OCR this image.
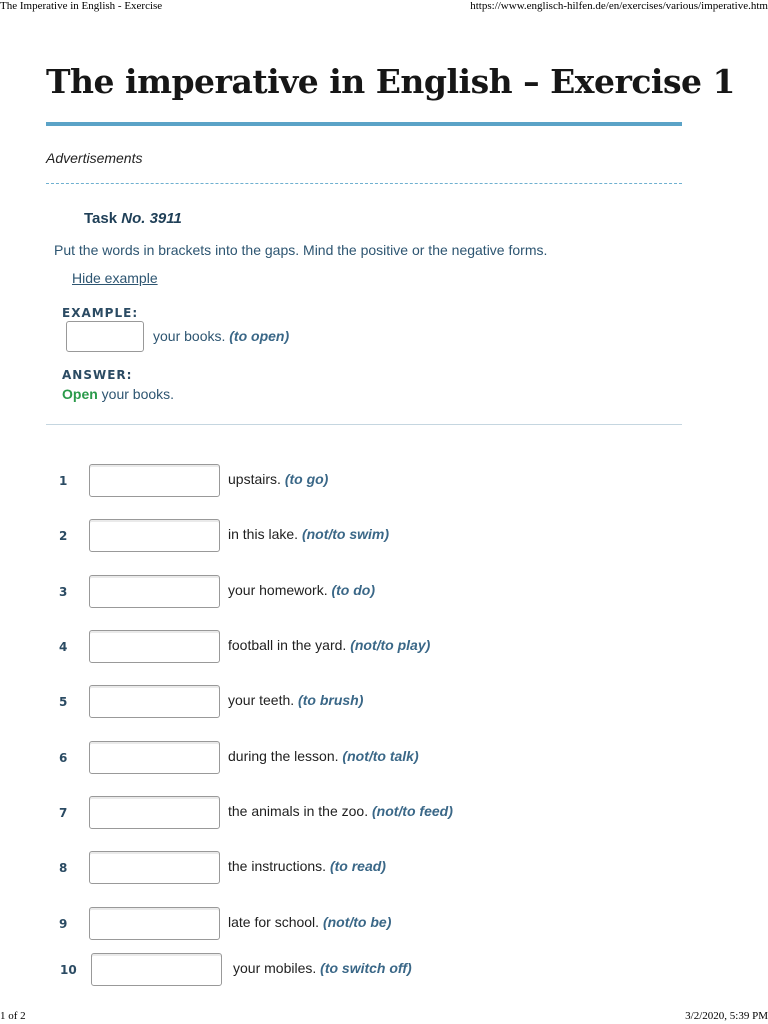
The Imperative in English - Exercise	https://www.englisch-hilfen.de/en/exercises/various/imperative.htm
The imperative in English – Exercise 1
Advertisements
Task No. 3911
Put the words in brackets into the gaps. Mind the positive or the negative forms.
Hide example
EXAMPLE:
your books. (to open)
ANSWER:
Open your books.
1	upstairs. (to go)
2	in this lake. (not/to swim)
3	your homework. (to do)
4	football in the yard. (not/to play)
5	your teeth. (to brush)
6	during the lesson. (not/to talk)
7	the animals in the zoo. (not/to feed)
8	the instructions. (to read)
9	late for school. (not/to be)
10	your mobiles. (to switch off)
1 of 2	3/2/2020, 5:39 PM
